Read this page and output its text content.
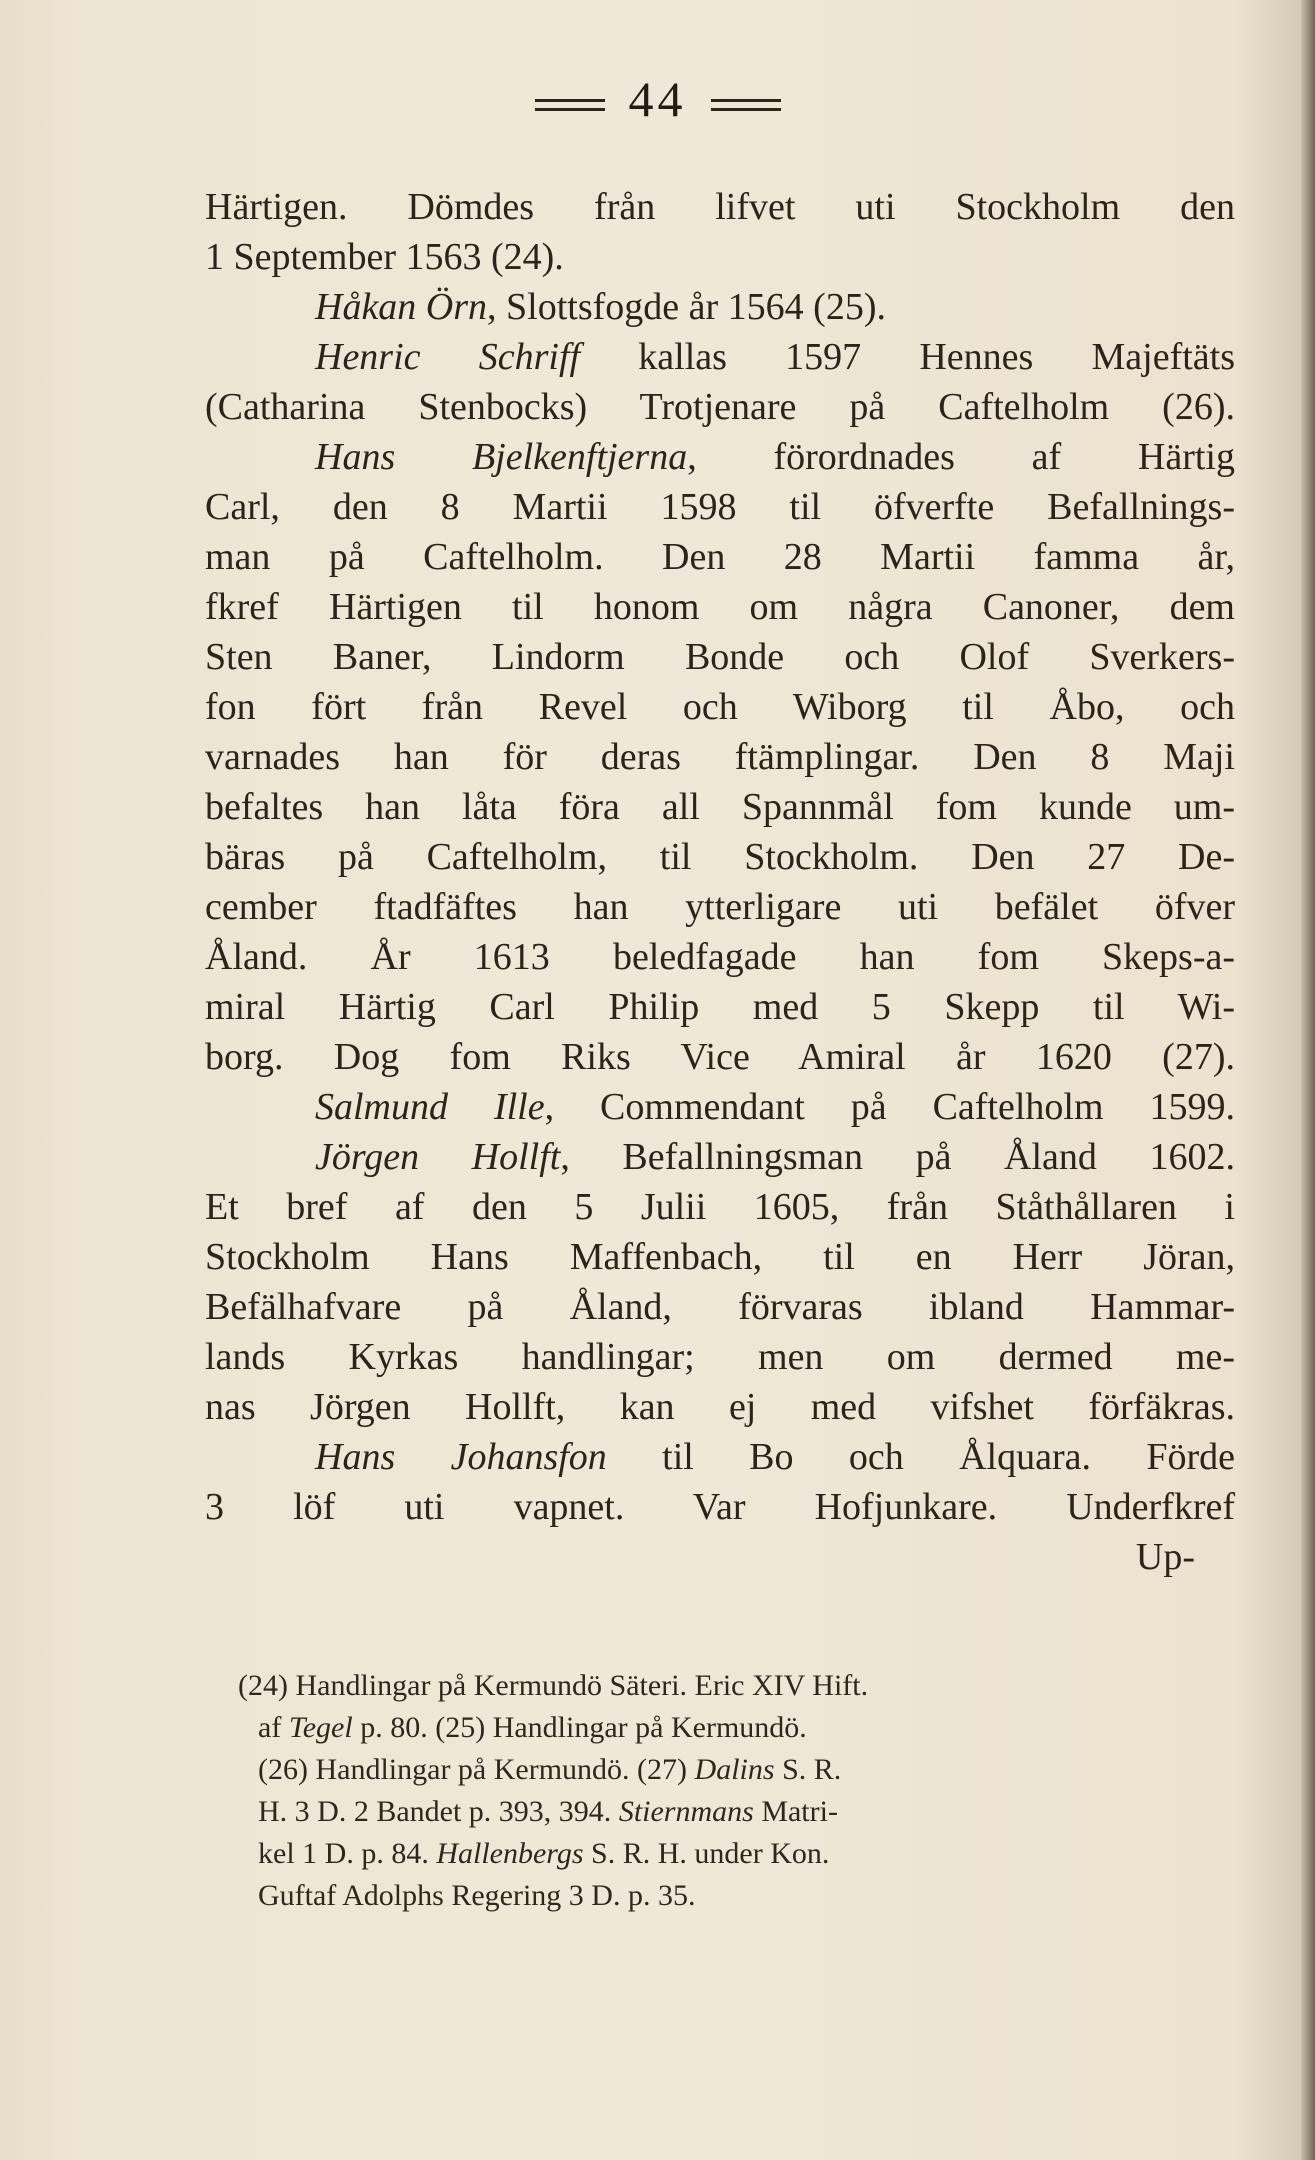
44
Härtigen. Dömdes från lifvet uti Stockholm den
1 September 1563 (24).
Håkan Örn, Slottsfogde år 1564 (25).
Henric Schriff kallas 1597 Hennes Majeftäts
(Catharina Stenbocks) Trotjenare på Caftelholm (26).
Hans Bjelkenftjerna, förordnades af Härtig
Carl, den 8 Martii 1598 til öfverfte Befallnings-
man på Caftelholm. Den 28 Martii famma år,
fkref Härtigen til honom om några Canoner, dem
Sten Baner, Lindorm Bonde och Olof Sverkers-
fon fört från Revel och Wiborg til Åbo, och
varnades han för deras ftämplingar. Den 8 Maji
befaltes han låta föra all Spannmål fom kunde um-
bäras på Caftelholm, til Stockholm. Den 27 De-
cember ftadfäftes han ytterligare uti befälet öfver
Åland. År 1613 beledfagade han fom Skeps-a-
miral Härtig Carl Philip med 5 Skepp til Wi-
borg. Dog fom Riks Vice Amiral år 1620 (27).
Salmund Ille, Commendant på Caftelholm 1599.
Jörgen Hollft, Befallningsman på Åland 1602.
Et bref af den 5 Julii 1605, från Ståthållaren i
Stockholm Hans Maffenbach, til en Herr Jöran,
Befälhafvare på Åland, förvaras ibland Hammar-
lands Kyrkas handlingar; men om dermed me-
nas Jörgen Hollft, kan ej med vifshet förfäkras.
Hans Johansfon til Bo och Ålquara. Förde
3 löf uti vapnet. Var Hofjunkare. Underfkref
Up-
(24) Handlingar på Kermundö Säteri. Eric XIV Hift.
af Tegel p. 80. (25) Handlingar på Kermundö.
(26) Handlingar på Kermundö. (27) Dalins S. R.
H. 3 D. 2 Bandet p. 393, 394. Stiernmans Matri-
kel 1 D. p. 84. Hallenbergs S. R. H. under Kon.
Guftaf Adolphs Regering 3 D. p. 35.
